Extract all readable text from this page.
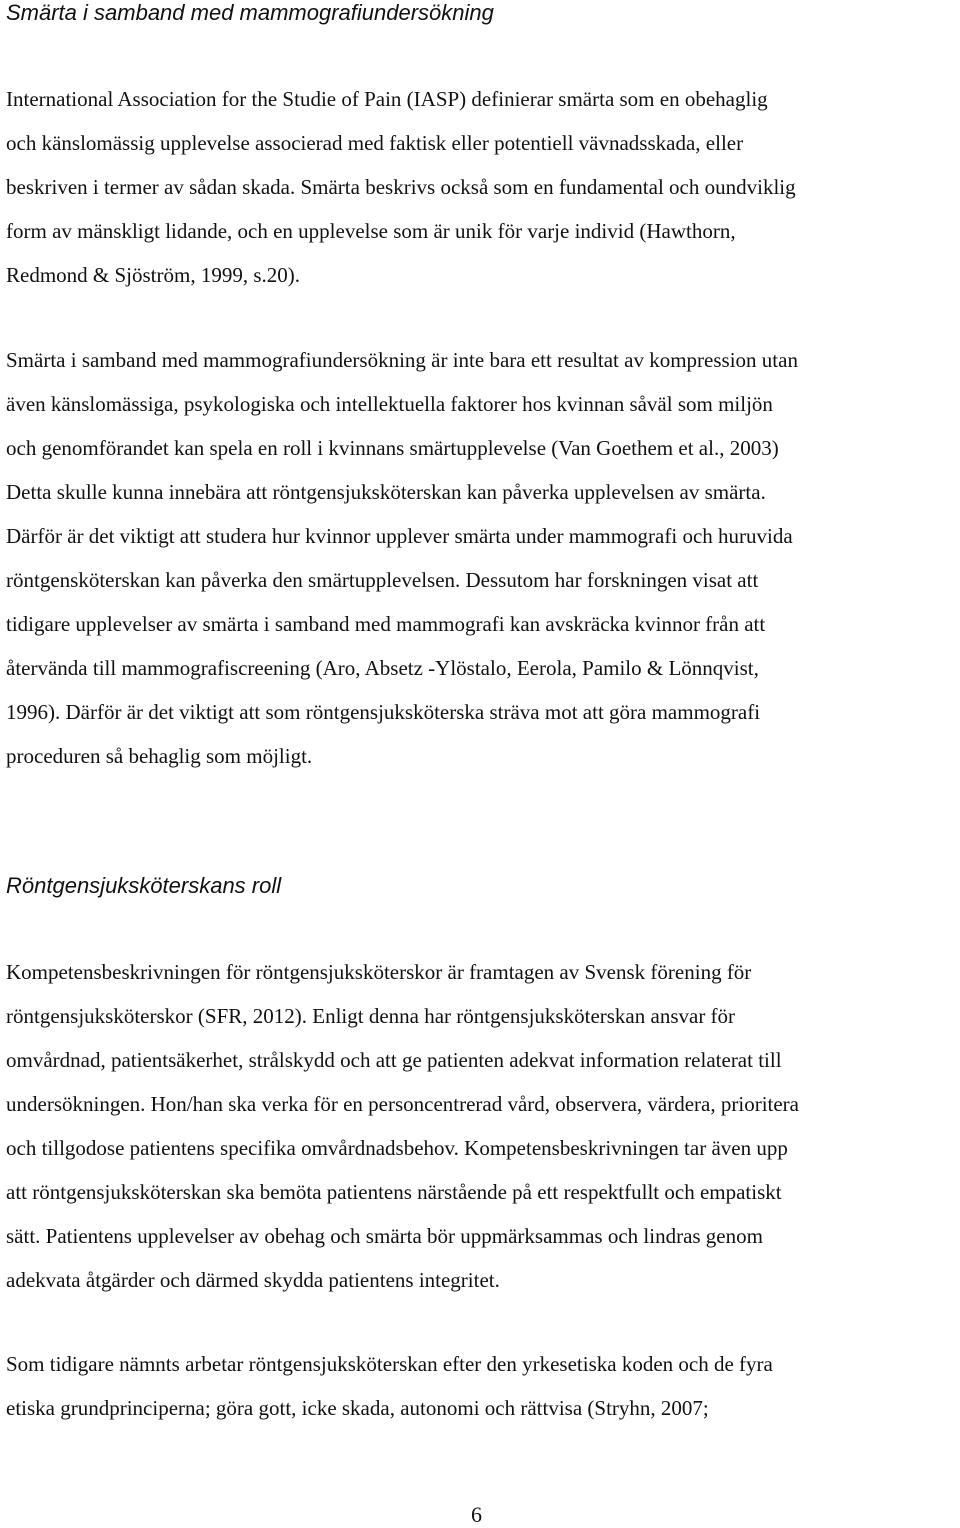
Smärta i samband med mammografiundersökning

International Association for the Studie of Pain (IASP) definierar smärta som en obehaglig
och känslomässig upplevelse associerad med faktisk eller potentiell vävnadsskada, eller
beskriven i termer av sådan skada. Smärta beskrivs också som en fundamental och oundviklig
form av mänskligt lidande, och en upplevelse som är unik för varje individ (Hawthorn,
Redmond & Sjöström, 1999, s.20).

Smärta i samband med mammografiundersökning är inte bara ett resultat av kompression utan
även känslomässiga, psykologiska och intellektuella faktorer hos kvinnan såväl som miljön
och genomförandet kan spela en roll i kvinnans smärtupplevelse (Van Goethem et al., 2003)
Detta skulle kunna innebära att röntgensjuksköterskan kan påverka upplevelsen av smärta.
Därför är det viktigt att studera hur kvinnor upplever smärta under mammografi och huruvida
röntgensköterskan kan påverka den smärtupplevelsen. Dessutom har forskningen visat att
tidigare upplevelser av smärta i samband med mammografi kan avskräcka kvinnor från att
återvända till mammografiscreening (Aro, Absetz -Ylöstalo, Eerola, Pamilo & Lönnqvist,
1996). Därför är det viktigt att som röntgensjuksköterska sträva mot att göra mammografi
proceduren så behaglig som möjligt.

Röntgensjuksköterskans roll

Kompetensbeskrivningen för röntgensjuksköterskor är framtagen av Svensk förening för
röntgensjuksköterskor (SFR, 2012). Enligt denna har röntgensjuksköterskan ansvar för
omvårdnad, patientsäkerhet, strålskydd och att ge patienten adekvat information relaterat till
undersökningen. Hon/han ska verka för en personcentrerad vård, observera, värdera, prioritera
och tillgodose patientens specifika omvårdnadsbehov. Kompetensbeskrivningen tar även upp
att röntgensjuksköterskan ska bemöta patientens närstående på ett respektfullt och empatiskt
sätt. Patientens upplevelser av obehag och smärta bör uppmärksammas och lindras genom
adekvata åtgärder och därmed skydda patientens integritet.

Som tidigare nämnts arbetar röntgensjuksköterskan efter den yrkesetiska koden och de fyra
etiska grundprinciperna; göra gott, icke skada, autonomi och rättvisa (Stryhn, 2007;

6
